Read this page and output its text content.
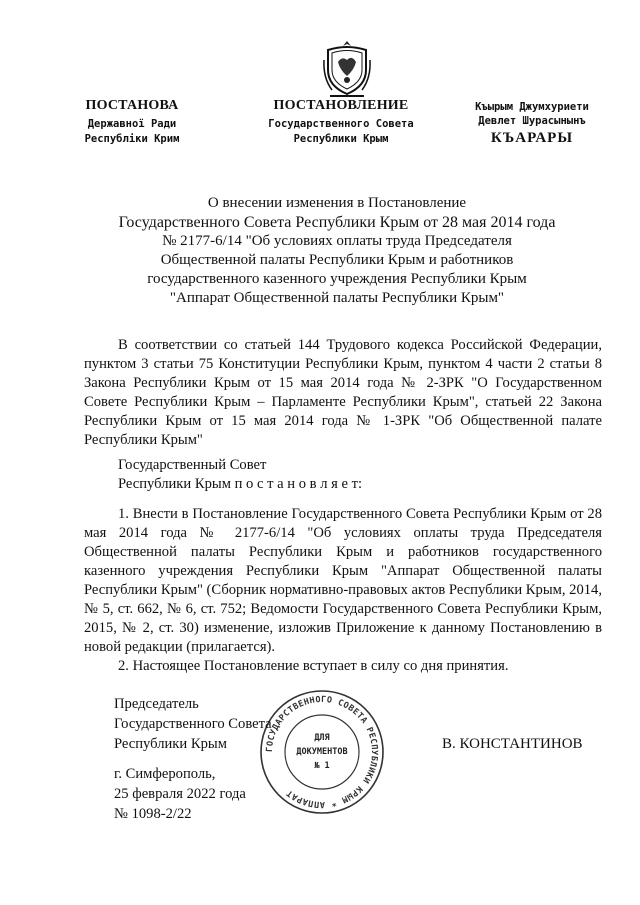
ПОСТАНОВА
Державної Ради
Республіки Крим
ПОСТАНОВЛЕНИЕ
Государственного Совета
Республики Крым
Къырым Джумхуриети
Девлет Шурасынынъ
КЪАРАРЫ
О внесении изменения в Постановление
Государственного Совета Республики Крым от 28 мая 2014 года
№ 2177-6/14 "Об условиях оплаты труда Председателя
Общественной палаты Республики Крым и работников
государственного казенного учреждения Республики Крым
"Аппарат Общественной палаты Республики Крым"

В соответствии со статьей 144 Трудового кодекса Российской Федерации, пунктом 3 статьи 75 Конституции Республики Крым, пунктом 4 части 2 статьи 8 Закона Республики Крым от 15 мая 2014 года № 2-ЗРК "О Государственном Совете Республики Крым – Парламенте Республики Крым", статьей 22 Закона Республики Крым от 15 мая 2014 года № 1-ЗРК "Об Общественной палате Республики Крым"

Государственный Совет
Республики Крым п о с т а н о в л я е т:

1. Внести в Постановление Государственного Совета Республики Крым от 28 мая 2014 года № 2177-6/14 "Об условиях оплаты труда Председателя Общественной палаты Республики Крым и работников государственного казенного учреждения Республики Крым "Аппарат Общественной палаты Республики Крым" (Сборник нормативно-правовых актов Республики Крым, 2014, № 5, ст. 662, № 6, ст. 752; Ведомости Государственного Совета Республики Крым, 2015, № 2, ст. 30) изменение, изложив Приложение к данному Постановлению в новой редакции (прилагается).

2. Настоящее Постановление вступает в силу со дня принятия.

ГОСУДАРСТВЕННОГО СОВЕТА РЕСПУБЛИКИ КРЫМ * АППАРАТ
ДЛЯ
ДОКУМЕНТОВ
№ 1
Председатель
Государственного Совета
Республики Крым	В. КОНСТАНТИНОВ
г. Симферополь,
25 февраля 2022 года
№ 1098-2/22
